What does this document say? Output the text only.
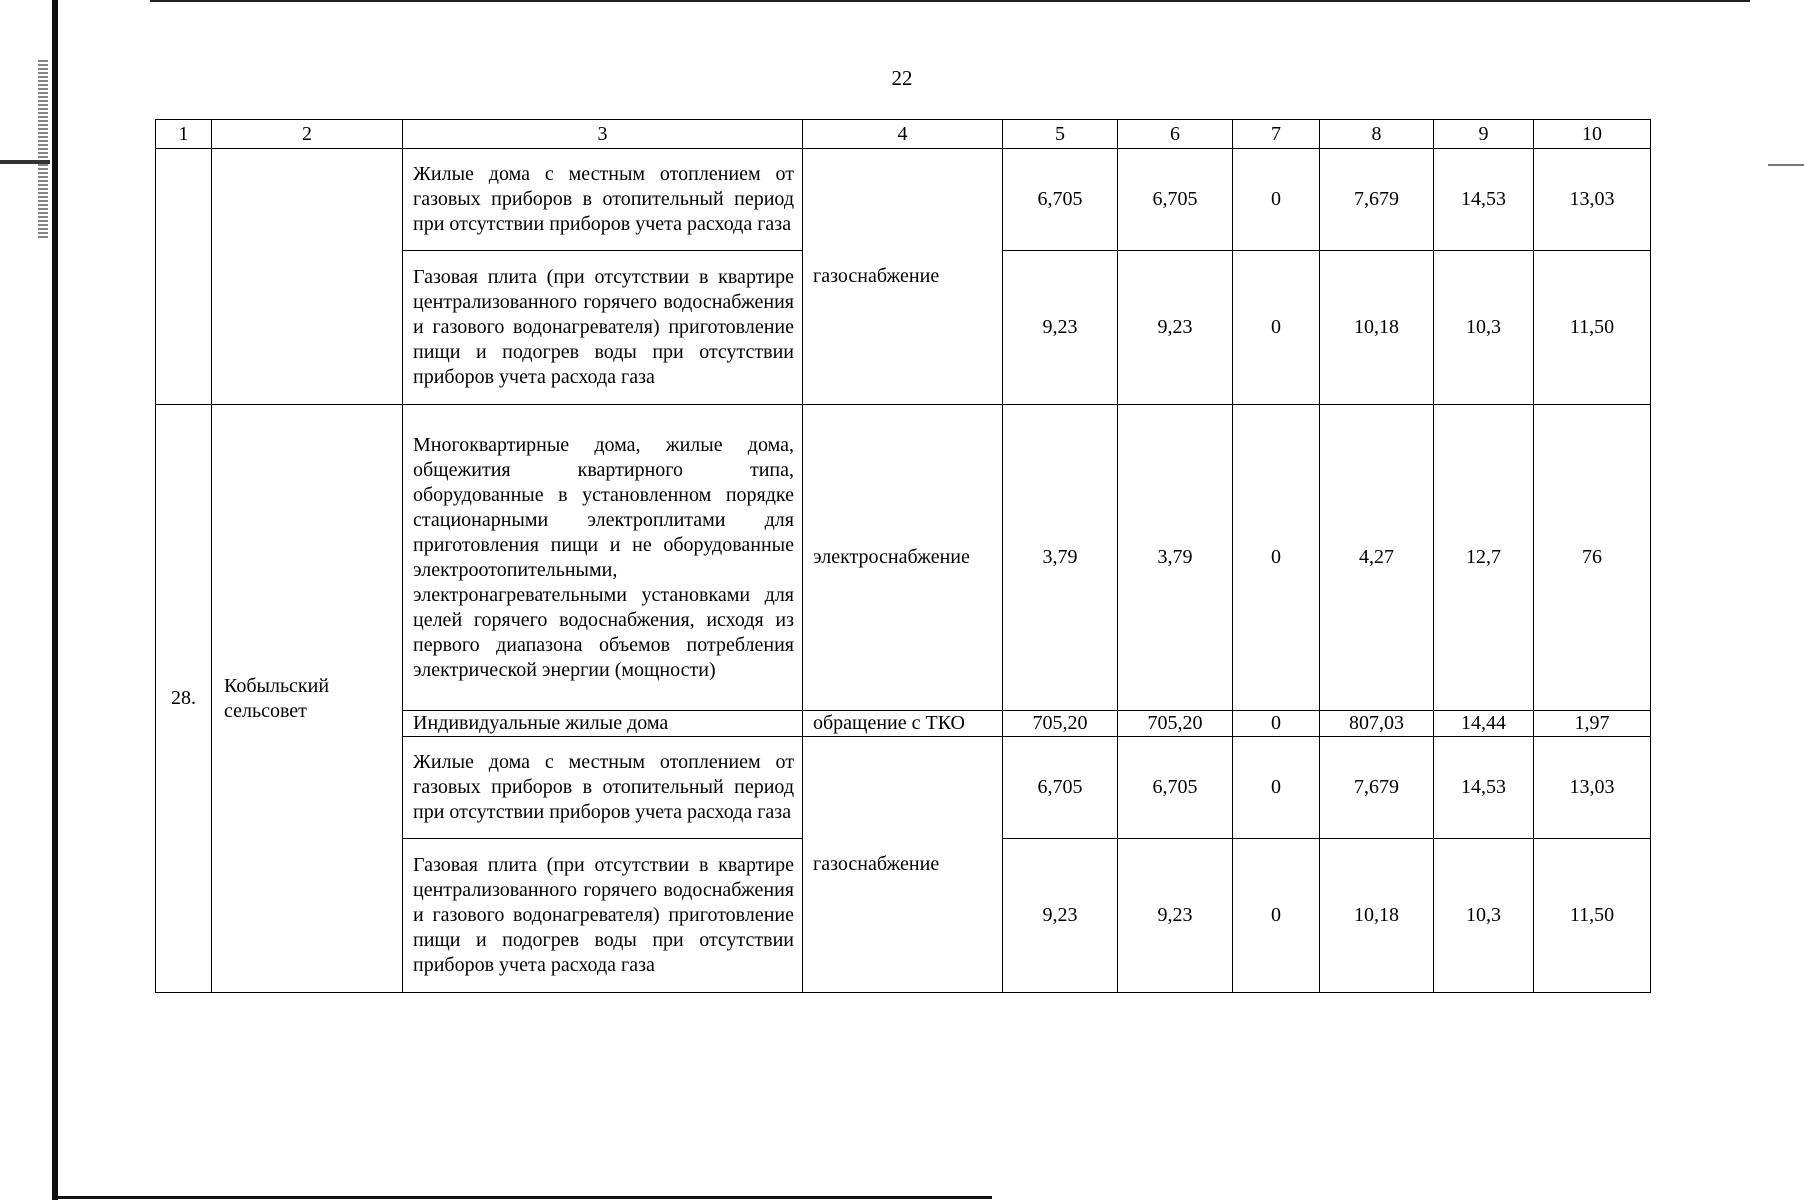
22
1	2	3	4	5	6	7	8	9	10
		Жилые дома с местным отоплением от газовых приборов в отопительный период при отсутствии приборов учета расхода газа	газоснабжение	6,705	6,705	0	7,679	14,53	13,03
		Газовая плита (при отсутствии в квартире централизованного горячего водоснабжения и газового водонагревателя) приготовление пищи и подогрев воды при отсутствии приборов учета расхода газа		9,23	9,23	0	10,18	10,3	11,50
28.	Кобыльский сельсовет	Многоквартирные дома, жилые дома, общежития квартирного типа, оборудованные в установленном порядке стационарными электроплитами для приготовления пищи и не оборудованные электроотопительными, электронагревательными установками для целей горячего водоснабжения, исходя из первого диапазона объемов потребления электрической энергии (мощности)	электроснабжение	3,79	3,79	0	4,27	12,7	76
		Индивидуальные жилые дома	обращение с ТКО	705,20	705,20	0	807,03	14,44	1,97
		Жилые дома с местным отоплением от газовых приборов в отопительный период при отсутствии приборов учета расхода газа	газоснабжение	6,705	6,705	0	7,679	14,53	13,03
		Газовая плита (при отсутствии в квартире централизованного горячего водоснабжения и газового водонагревателя) приготовление пищи и подогрев воды при отсутствии приборов учета расхода газа		9,23	9,23	0	10,18	10,3	11,50
